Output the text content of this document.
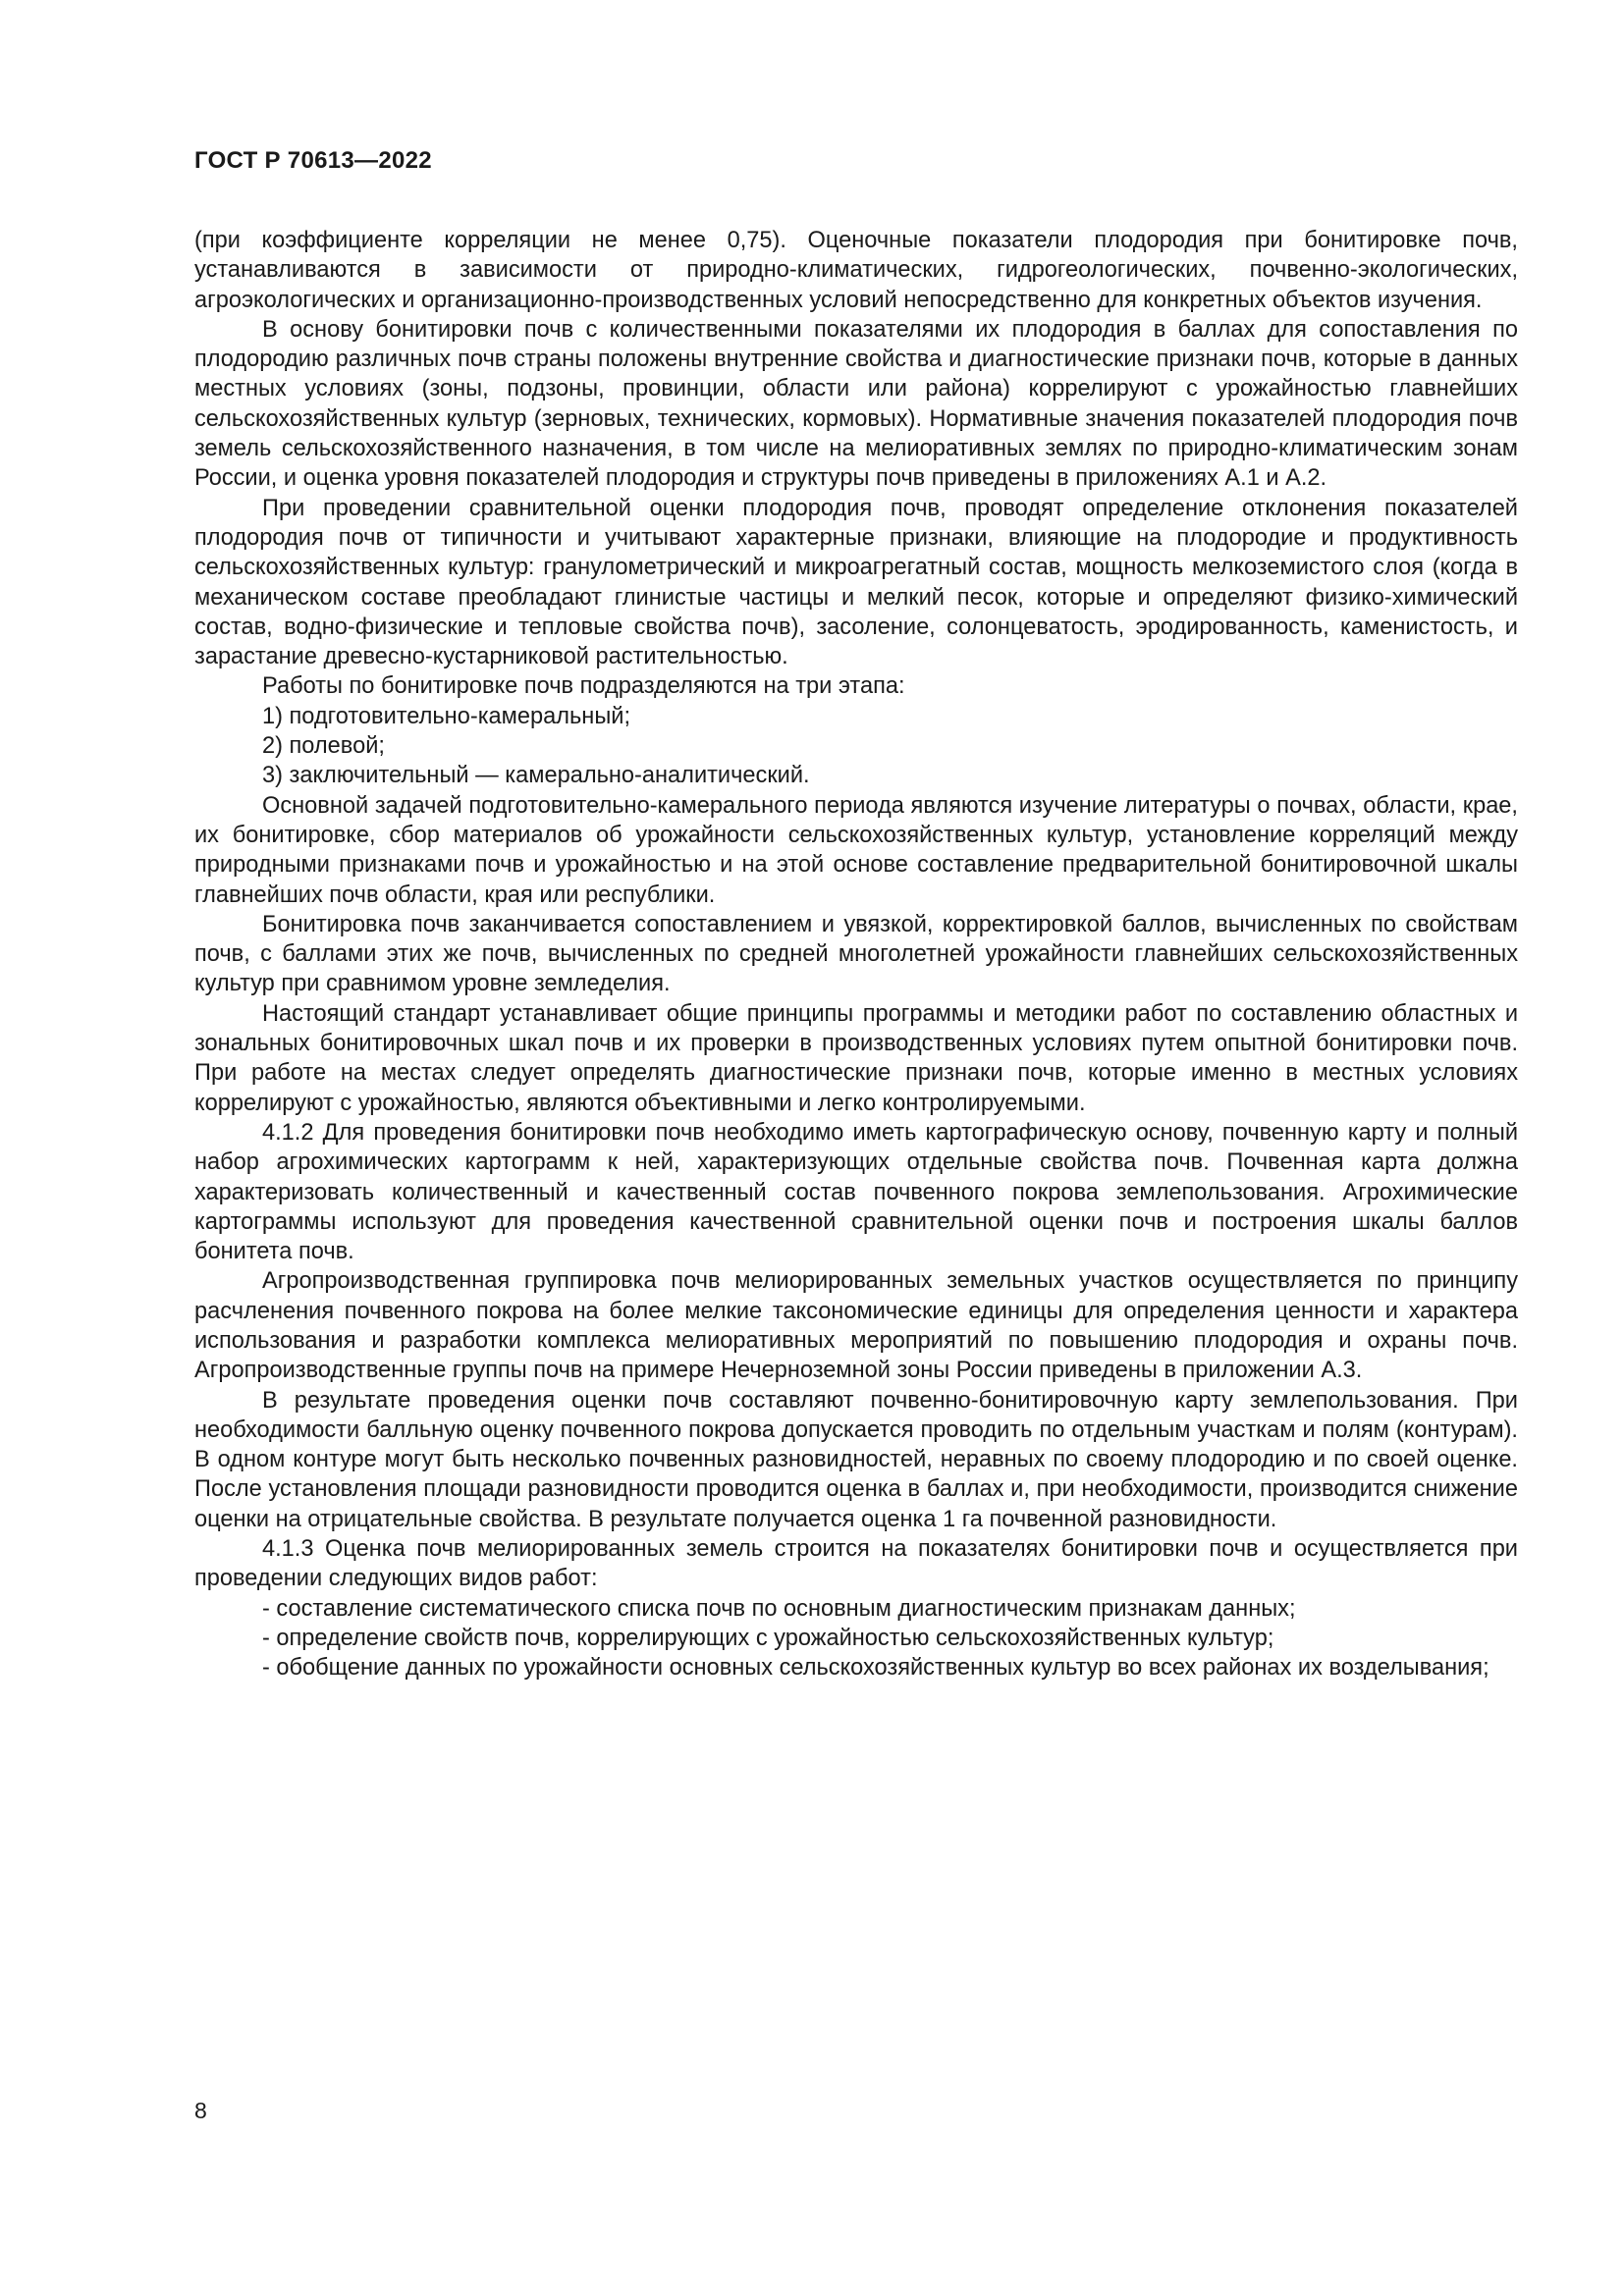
ГОСТ Р 70613—2022

(при коэффициенте корреляции не менее 0,75). Оценочные показатели плодородия при бонитировке почв, устанавливаются в зависимости от природно-климатических, гидрогеологических, почвенно-экологических, агроэкологических и организационно-производственных условий непосредственно для конкретных объектов изучения.

В основу бонитировки почв с количественными показателями их плодородия в баллах для сопоставления по плодородию различных почв страны положены внутренние свойства и диагностические признаки почв, которые в данных местных условиях (зоны, подзоны, провинции, области или района) коррелируют с урожайностью главнейших сельскохозяйственных культур (зерновых, технических, кормовых). Нормативные значения показателей плодородия почв земель сельскохозяйственного назначения, в том числе на мелиоративных землях по природно-климатическим зонам России, и оценка уровня показателей плодородия и структуры почв приведены в приложениях А.1 и А.2.

При проведении сравнительной оценки плодородия почв, проводят определение отклонения показателей плодородия почв от типичности и учитывают характерные признаки, влияющие на плодородие и продуктивность сельскохозяйственных культур: гранулометрический и микроагрегатный состав, мощность мелкоземистого слоя (когда в механическом составе преобладают глинистые частицы и мелкий песок, которые и определяют физико-химический состав, водно-физические и тепловые свойства почв), засоление, солонцеватость, эродированность, каменистость, и зарастание древесно-кустарниковой растительностью.

Работы по бонитировке почв подразделяются на три этапа:

1) подготовительно-камеральный;

2) полевой;

3) заключительный — камерально-аналитический.

Основной задачей подготовительно-камерального периода являются изучение литературы о почвах, области, крае, их бонитировке, сбор материалов об урожайности сельскохозяйственных культур, установление корреляций между природными признаками почв и урожайностью и на этой основе составление предварительной бонитировочной шкалы главнейших почв области, края или республики.

Бонитировка почв заканчивается сопоставлением и увязкой, корректировкой баллов, вычисленных по свойствам почв, с баллами этих же почв, вычисленных по средней многолетней урожайности главнейших сельскохозяйственных культур при сравнимом уровне земледелия.

Настоящий стандарт устанавливает общие принципы программы и методики работ по составлению областных и зональных бонитировочных шкал почв и их проверки в производственных условиях путем опытной бонитировки почв. При работе на местах следует определять диагностические признаки почв, которые именно в местных условиях коррелируют с урожайностью, являются объективными и легко контролируемыми.

4.1.2 Для проведения бонитировки почв необходимо иметь картографическую основу, почвенную карту и полный набор агрохимических картограмм к ней, характеризующих отдельные свойства почв. Почвенная карта должна характеризовать количественный и качественный состав почвенного покрова землепользования. Агрохимические картограммы используют для проведения качественной сравнительной оценки почв и построения шкалы баллов бонитета почв.

Агропроизводственная группировка почв мелиорированных земельных участков осуществляется по принципу расчленения почвенного покрова на более мелкие таксономические единицы для определения ценности и характера использования и разработки комплекса мелиоративных мероприятий по повышению плодородия и охраны почв. Агропроизводственные группы почв на примере Нечерноземной зоны России приведены в приложении А.3.

В результате проведения оценки почв составляют почвенно-бонитировочную карту землепользования. При необходимости балльную оценку почвенного покрова допускается проводить по отдельным участкам и полям (контурам). В одном контуре могут быть несколько почвенных разновидностей, неравных по своему плодородию и по своей оценке. После установления площади разновидности проводится оценка в баллах и, при необходимости, производится снижение оценки на отрицательные свойства. В результате получается оценка 1 га почвенной разновидности.

4.1.3 Оценка почв мелиорированных земель строится на показателях бонитировки почв и осуществляется при проведении следующих видов работ:

- составление систематического списка почв по основным диагностическим признакам данных;

- определение свойств почв, коррелирующих с урожайностью сельскохозяйственных культур;

- обобщение данных по урожайности основных сельскохозяйственных культур во всех районах их возделывания;

8
